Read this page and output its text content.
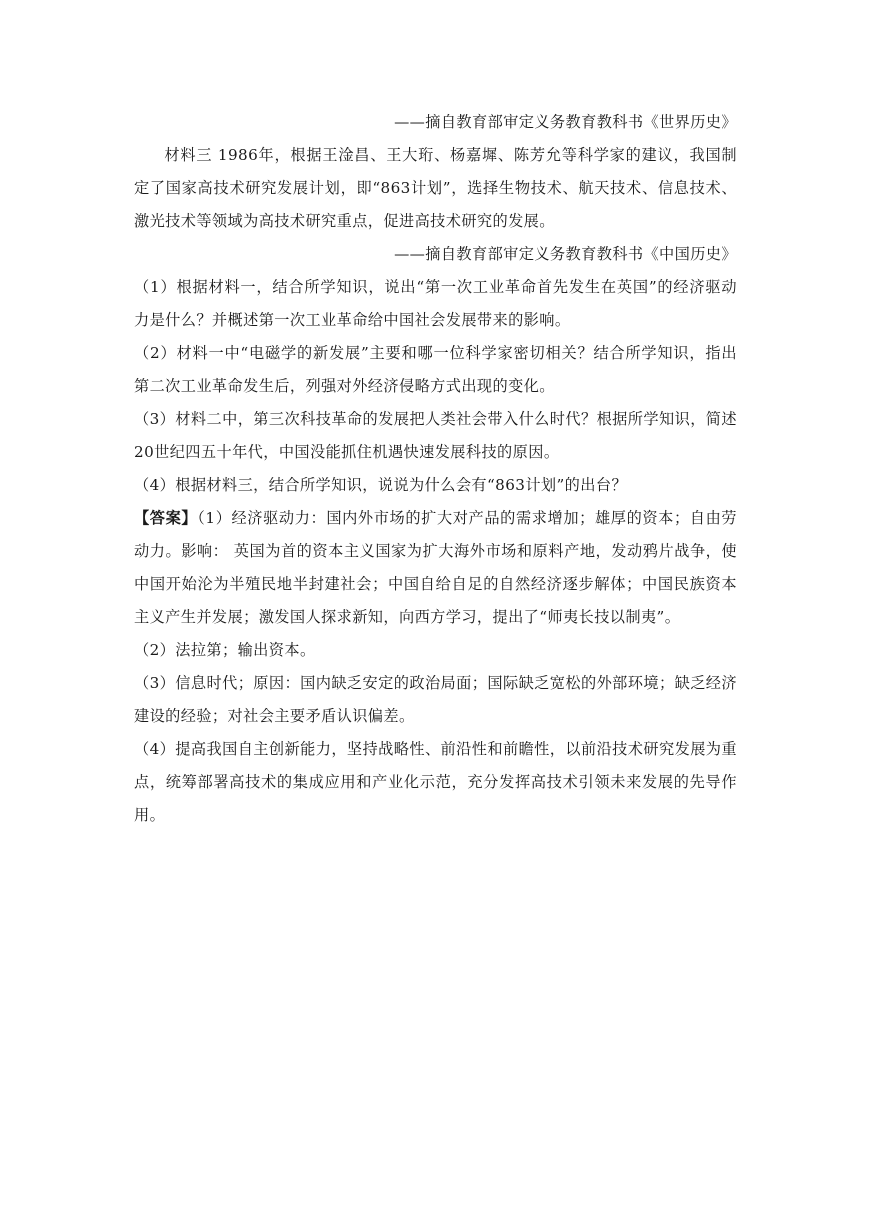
——摘自教育部审定义务教育教科书《世界历史》

材料三 1986年，根据王淦昌、王大珩、杨嘉墀、陈芳允等科学家的建议，我国制定了国家高技术研究发展计划，即“863计划”，选择生物技术、航天技术、信息技术、激光技术等领域为高技术研究重点，促进高技术研究的发展。

——摘自教育部审定义务教育教科书《中国历史》

（1）根据材料一，结合所学知识，说出“第一次工业革命首先发生在英国”的经济驱动力是什么？并概述第一次工业革命给中国社会发展带来的影响。

（2）材料一中“电磁学的新发展”主要和哪一位科学家密切相关？结合所学知识，指出第二次工业革命发生后，列强对外经济侵略方式出现的变化。

（3）材料二中，第三次科技革命的发展把人类社会带入什么时代？根据所学知识，简述20世纪四五十年代，中国没能抓住机遇快速发展科技的原因。

（4）根据材料三，结合所学知识，说说为什么会有“863计划”的出台？

【答案】（1）经济驱动力：国内外市场的扩大对产品的需求增加；雄厚的资本；自由劳动力。影响： 英国为首的资本主义国家为扩大海外市场和原料产地，发动鸦片战争，使中国开始沦为半殖民地半封建社会；中国自给自足的自然经济逐步解体；中国民族资本主义产生并发展；激发国人探求新知，向西方学习，提出了“师夷长技以制夷”。

（2）法拉第；输出资本。

（3）信息时代；原因：国内缺乏安定的政治局面；国际缺乏宽松的外部环境；缺乏经济建设的经验；对社会主要矛盾认识偏差。

（4）提高我国自主创新能力，坚持战略性、前沿性和前瞻性，以前沿技术研究发展为重点，统筹部署高技术的集成应用和产业化示范，充分发挥高技术引领未来发展的先导作用。
